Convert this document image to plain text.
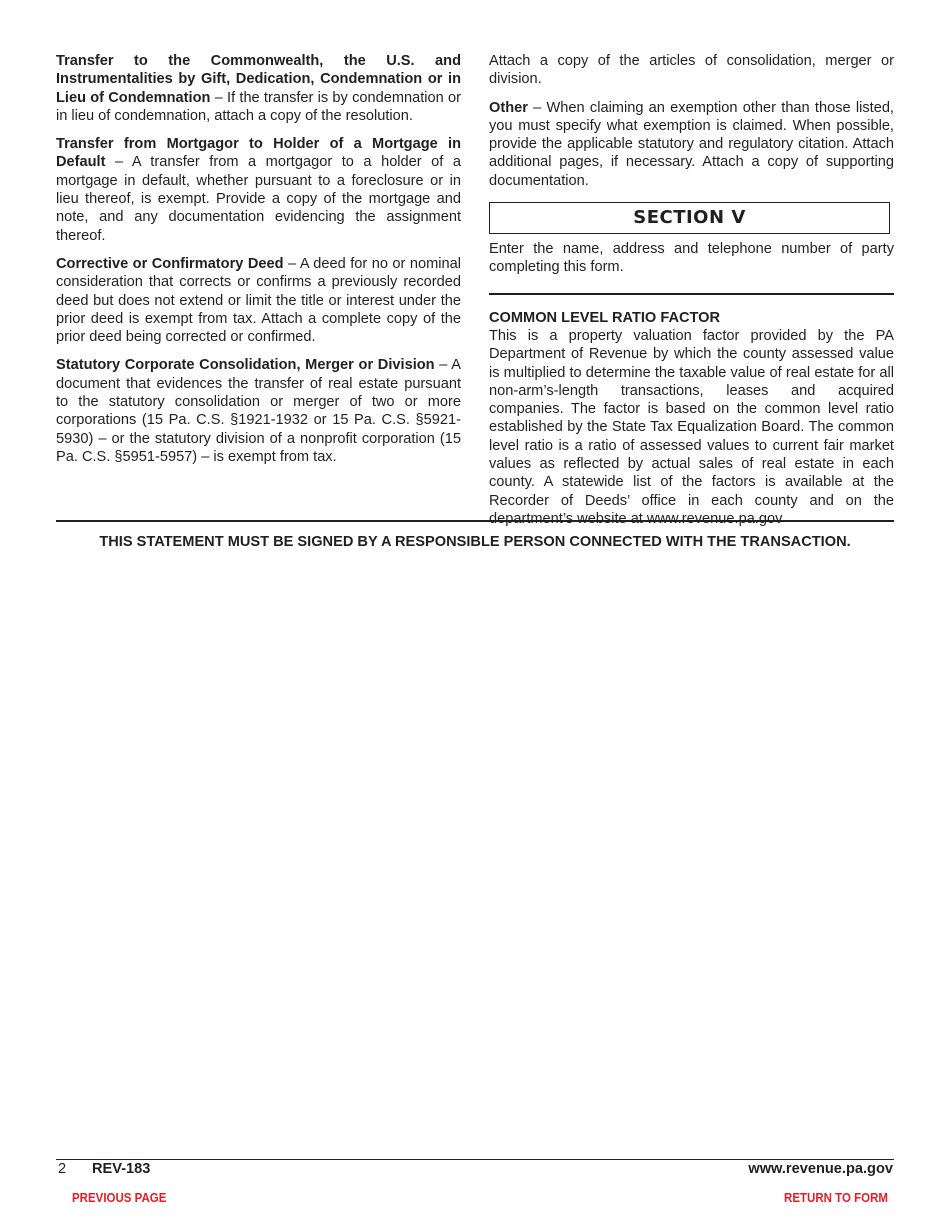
Transfer to the Commonwealth, the U.S. and Instrumentalities by Gift, Dedication, Condemnation or in Lieu of Condemnation – If the transfer is by condemnation or in lieu of condemnation, attach a copy of the resolution.

Transfer from Mortgagor to Holder of a Mortgage in Default – A transfer from a mortgagor to a holder of a mortgage in default, whether pursuant to a foreclosure or in lieu thereof, is exempt. Provide a copy of the mortgage and note, and any documentation evidencing the assignment thereof.

Corrective or Confirmatory Deed – A deed for no or nominal consideration that corrects or confirms a previously recorded deed but does not extend or limit the title or interest under the prior deed is exempt from tax. Attach a complete copy of the prior deed being corrected or confirmed.

Statutory Corporate Consolidation, Merger or Division – A document that evidences the transfer of real estate pursuant to the statutory consolidation or merger of two or more corporations (15 Pa. C.S. §1921-1932 or 15 Pa. C.S. §5921-5930) – or the statutory division of a nonprofit corporation (15 Pa. C.S. §5951-5957) – is exempt from tax.

Attach a copy of the articles of consolidation, merger or division.

Other – When claiming an exemption other than those listed, you must specify what exemption is claimed. When possible, provide the applicable statutory and regulatory citation. Attach additional pages, if necessary. Attach a copy of supporting documentation.

SECTION V

Enter the name, address and telephone number of party completing this form.

COMMON LEVEL RATIO FACTOR

This is a property valuation factor provided by the PA Department of Revenue by which the county assessed value is multiplied to determine the taxable value of real estate for all non-arm’s-length transactions, leases and acquired companies. The factor is based on the common level ratio established by the State Tax Equalization Board. The common level ratio is a ratio of assessed values to current fair market values as reflected by actual sales of real estate in each county. A statewide list of the factors is available at the Recorder of Deeds’ office in each county and on the department’s website at www.revenue.pa.gov

THIS STATEMENT MUST BE SIGNED BY A RESPONSIBLE PERSON CONNECTED WITH THE TRANSACTION.
2 REV-183	www.revenue.pa.gov
PREVIOUS PAGE	RETURN TO FORM
